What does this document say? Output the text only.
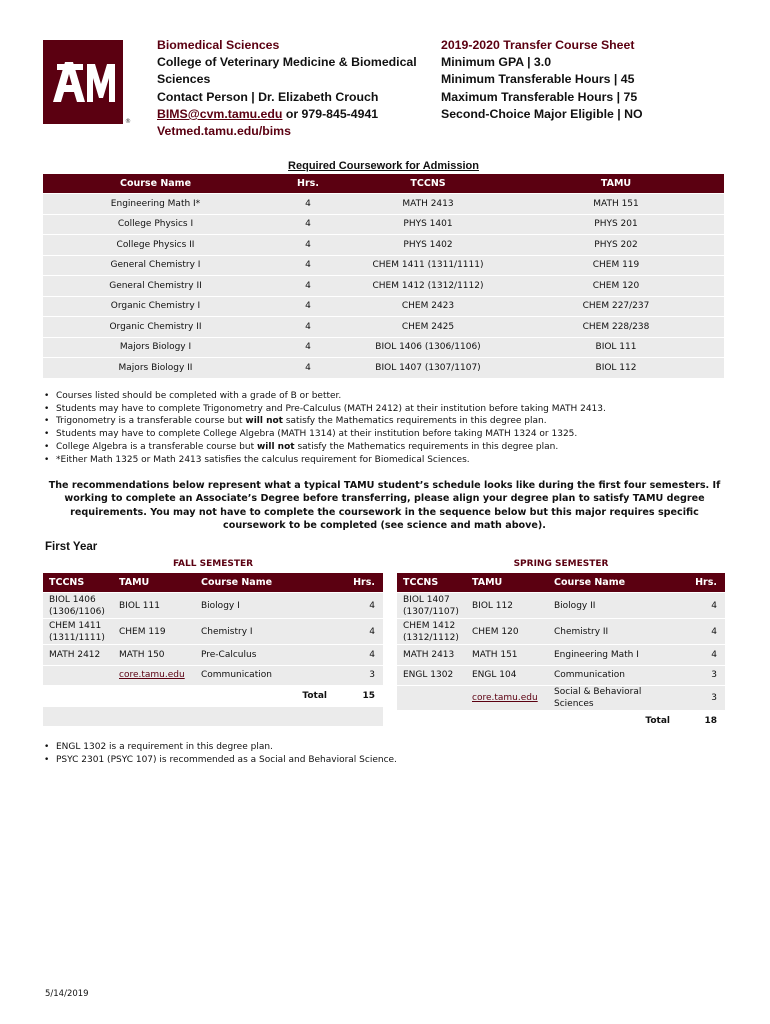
®
Biomedical Sciences
College of Veterinary Medicine & Biomedical Sciences
Contact Person | Dr. Elizabeth Crouch
BIMS@cvm.tamu.edu or 979-845-4941
Vetmed.tamu.edu/bims
2019-2020 Transfer Course Sheet
Minimum GPA | 3.0
Minimum Transferable Hours | 45
Maximum Transferable Hours | 75
Second-Choice Major Eligible | NO
Required Coursework for Admission
Course Name	Hrs.	TCCNS	TAMU
Engineering Math I*	4	MATH 2413	MATH 151
College Physics I	4	PHYS 1401	PHYS 201
College Physics II	4	PHYS 1402	PHYS 202
General Chemistry I	4	CHEM 1411 (1311/1111)	CHEM 119
General Chemistry II	4	CHEM 1412 (1312/1112)	CHEM 120
Organic Chemistry I	4	CHEM 2423	CHEM 227/237
Organic Chemistry II	4	CHEM 2425	CHEM 228/238
Majors Biology I	4	BIOL 1406 (1306/1106)	BIOL 111
Majors Biology II	4	BIOL 1407 (1307/1107)	BIOL 112
• Courses listed should be completed with a grade of B or better.
• Students may have to complete Trigonometry and Pre-Calculus (MATH 2412) at their institution before taking MATH 2413.
• Trigonometry is a transferable course but will not satisfy the Mathematics requirements in this degree plan.
• Students may have to complete College Algebra (MATH 1314) at their institution before taking MATH 1324 or 1325.
• College Algebra is a transferable course but will not satisfy the Mathematics requirements in this degree plan.
• *Either Math 1325 or Math 2413 satisfies the calculus requirement for Biomedical Sciences.
The recommendations below represent what a typical TAMU student’s schedule looks like during the first four semesters. If working to complete an Associate’s Degree before transferring, please align your degree plan to satisfy TAMU degree requirements. You may not have to complete the coursework in the sequence below but this major requires specific coursework to be completed (see science and math above).
First Year
FALL SEMESTER	SPRING SEMESTER
TCCNS	TAMU	Course Name	Hrs.
BIOL 1406 (1306/1106)	BIOL 111	Biology I	4
CHEM 1411 (1311/1111)	CHEM 119	Chemistry I	4
MATH 2412	MATH 150	Pre-Calculus	4
	core.tamu.edu	Communication	3
		Total	15

TCCNS	TAMU	Course Name	Hrs.
BIOL 1407 (1307/1107)	BIOL 112	Biology II	4
CHEM 1412 (1312/1112)	CHEM 120	Chemistry II	4
MATH 2413	MATH 151	Engineering Math I	4
ENGL 1302	ENGL 104	Communication	3
	core.tamu.edu	Social & Behavioral Sciences	3
		Total	18
• ENGL 1302 is a requirement in this degree plan.
• PSYC 2301 (PSYC 107) is recommended as a Social and Behavioral Science.
5/14/2019
